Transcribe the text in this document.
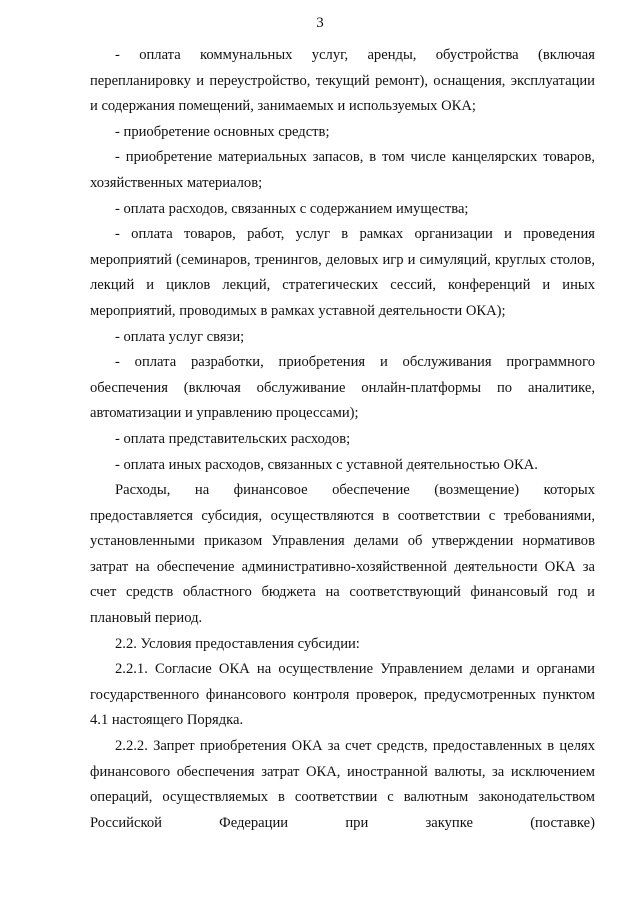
3

- оплата коммунальных услуг, аренды, обустройства (включая перепланировку и переустройство, текущий ремонт), оснащения, эксплуатации и содержания помещений, занимаемых и используемых ОКА;

- приобретение основных средств;

- приобретение материальных запасов, в том числе канцелярских товаров, хозяйственных материалов;

- оплата расходов, связанных с содержанием имущества;

- оплата товаров, работ, услуг в рамках организации и проведения мероприятий (семинаров, тренингов, деловых игр и симуляций, круглых столов, лекций и циклов лекций, стратегических сессий, конференций и иных мероприятий, проводимых в рамках уставной деятельности ОКА);

- оплата услуг связи;

- оплата разработки, приобретения и обслуживания программного обеспечения (включая обслуживание онлайн-платформы по аналитике, автоматизации и управлению процессами);

- оплата представительских расходов;

- оплата иных расходов, связанных с уставной деятельностью ОКА.

Расходы, на финансовое обеспечение (возмещение) которых предоставляется субсидия, осуществляются в соответствии с требованиями, установленными приказом Управления делами об утверждении нормативов затрат на обеспечение административно-хозяйственной деятельности ОКА за счет средств областного бюджета на соответствующий финансовый год и плановый период.

2.2. Условия предоставления субсидии:

2.2.1. Согласие ОКА на осуществление Управлением делами и органами государственного финансового контроля проверок, предусмотренных пунктом 4.1 настоящего Порядка.

2.2.2. Запрет приобретения ОКА за счет средств, предоставленных в целях финансового обеспечения затрат ОКА, иностранной валюты, за исключением операций, осуществляемых в соответствии с валютным законодательством Российской Федерации при закупке (поставке)
